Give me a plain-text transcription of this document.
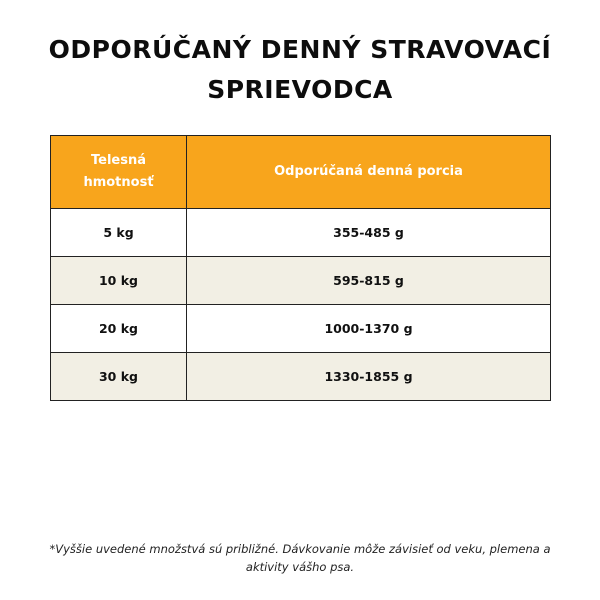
ODPORÚČANÝ DENNÝ STRAVOVACÍ
SPRIEVODCA
Telesná hmotnosť	Odporúčaná denná porcia
5 kg	355-485 g
10 kg	595-815 g
20 kg	1000-1370 g
30 kg	1330-1855 g

*Vyššie uvedené množstvá sú približné. Dávkovanie môže závisieť od veku, plemena a aktivity vášho psa.
